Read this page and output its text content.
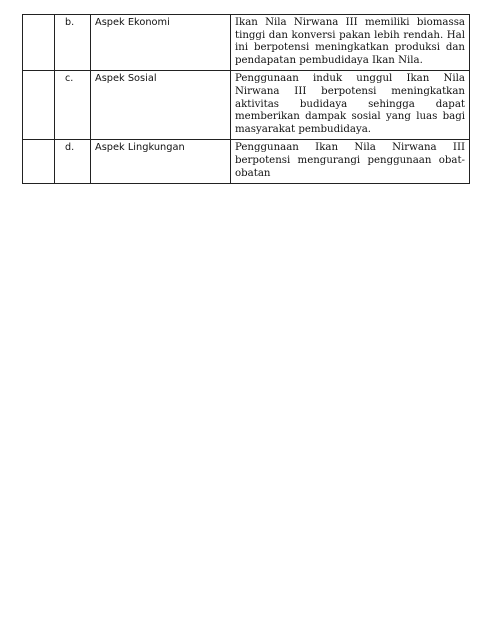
	b.	Aspek Ekonomi	Ikan Nila Nirwana III memiliki biomassa tinggi dan konversi pakan lebih rendah. Hal ini berpotensi meningkatkan produksi dan pendapatan pembudidaya Ikan Nila.
	c.	Aspek Sosial	Penggunaan induk unggul Ikan Nila Nirwana III berpotensi meningkatkan aktivitas budidaya sehingga dapat memberikan dampak sosial yang luas bagi masyarakat pembudidaya.
	d.	Aspek Lingkungan	Penggunaan Ikan Nila Nirwana III berpotensi mengurangi penggunaan obat-obatan
